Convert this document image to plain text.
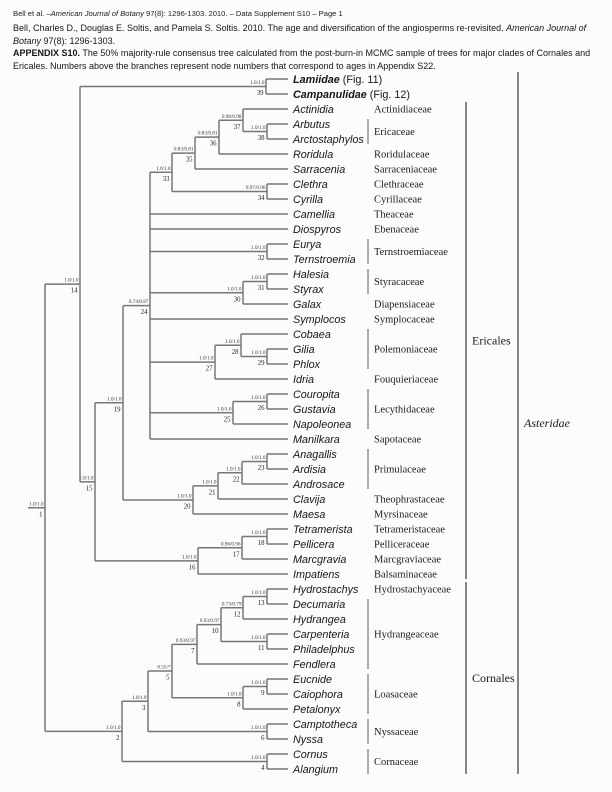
Bell et al. –American Journal of Botany 97(8): 1296-1303. 2010. – Data Supplement S10 – Page 1
Bell, Charles D., Douglas E. Soltis, and Pamela S. Soltis. 2010. The age and diversification of the angiosperms re-revisited. American Journal of Botany 97(8): 1296-1303.
APPENDIX S10. The 50% majority-rule consensus tree calculated from the post-burn-in MCMC sample of trees for major clades of Cornales and Ericales. Numbers above the branches represent node numbers that correspond to ages in Appendix S22.
Lamiidae (Fig. 11)
Campanulidae (Fig. 12)
1.0/1.0
39
Actinidia
Arbutus
Arctostaphylos
1.0/1.0
38
0.98/0.98
37
Roridula
0.83/0.81
36
Sarracenia
0.83/0.81
35
Clethra
Cyrilla
0.97/0.96
34
1.0/1.0
33
Camellia
Diospyros
Eurya
Ternstroemia
1.0/1.0
32
Halesia
Styrax
1.0/1.0
31
Galax
1.0/1.0
30
Symplocos
Cobaea
Gilia
Phlox
1.0/1.0
29
1.0/1.0
28
Idria
1.0/1.0
27
Couropita
Gustavia
1.0/1.0
26
Napoleonea
1.0/1.0
25
Manilkara
0.74/0.87
24
Anagallis
Ardisia
1.0/1.0
23
Androsace
1.0/1.0
22
Clavija
1.0/1.0
21
Maesa
1.0/1.0
20
1.0/1.0
19
Tetramerista
Pellicera
1.0/1.0
18
Marcgravia
0.96/0.96
17
Impatiens
1.0/1.0
16
1.0/1.0
15
1.0/1.0
14
Hydrostachys
Decumaria
1.0/1.0
13
Hydrangea
0.73/0.79
12
Carpenteria
Philadelphus
1.0/1.0
11
0.93/0.97
10
Fendlera
0.93/0.97
7
Eucnide
Caiophora
1.0/1.0
9
Petalonyx
1.0/1.0
8
0.55/*
5
Camptotheca
Nyssa
1.0/1.0
6
1.0/1.0
3
Cornus
Alangium
1.0/1.0
4
1.0/1.0
2
1.0/1.0
1
Actinidiaceae
Ericaceae
Roridulaceae
Sarraceniaceae
Clethraceae
Cyrillaceae
Theaceae
Ebenaceae
Ternstroemiaceae
Styracaceae
Diapensiaceae
Symplocaceae
Polemoniaceae
Fouquieriaceae
Lecythidaceae
Sapotaceae
Primulaceae
Theophrastaceae
Myrsinaceae
Tetrameristaceae
Pelliceraceae
Marcgraviaceae
Balsaminaceae
Hydrostachyaceae
Hydrangeaceae
Loasaceae
Nyssaceae
Cornaceae
Ericales
Cornales
Asteridae
